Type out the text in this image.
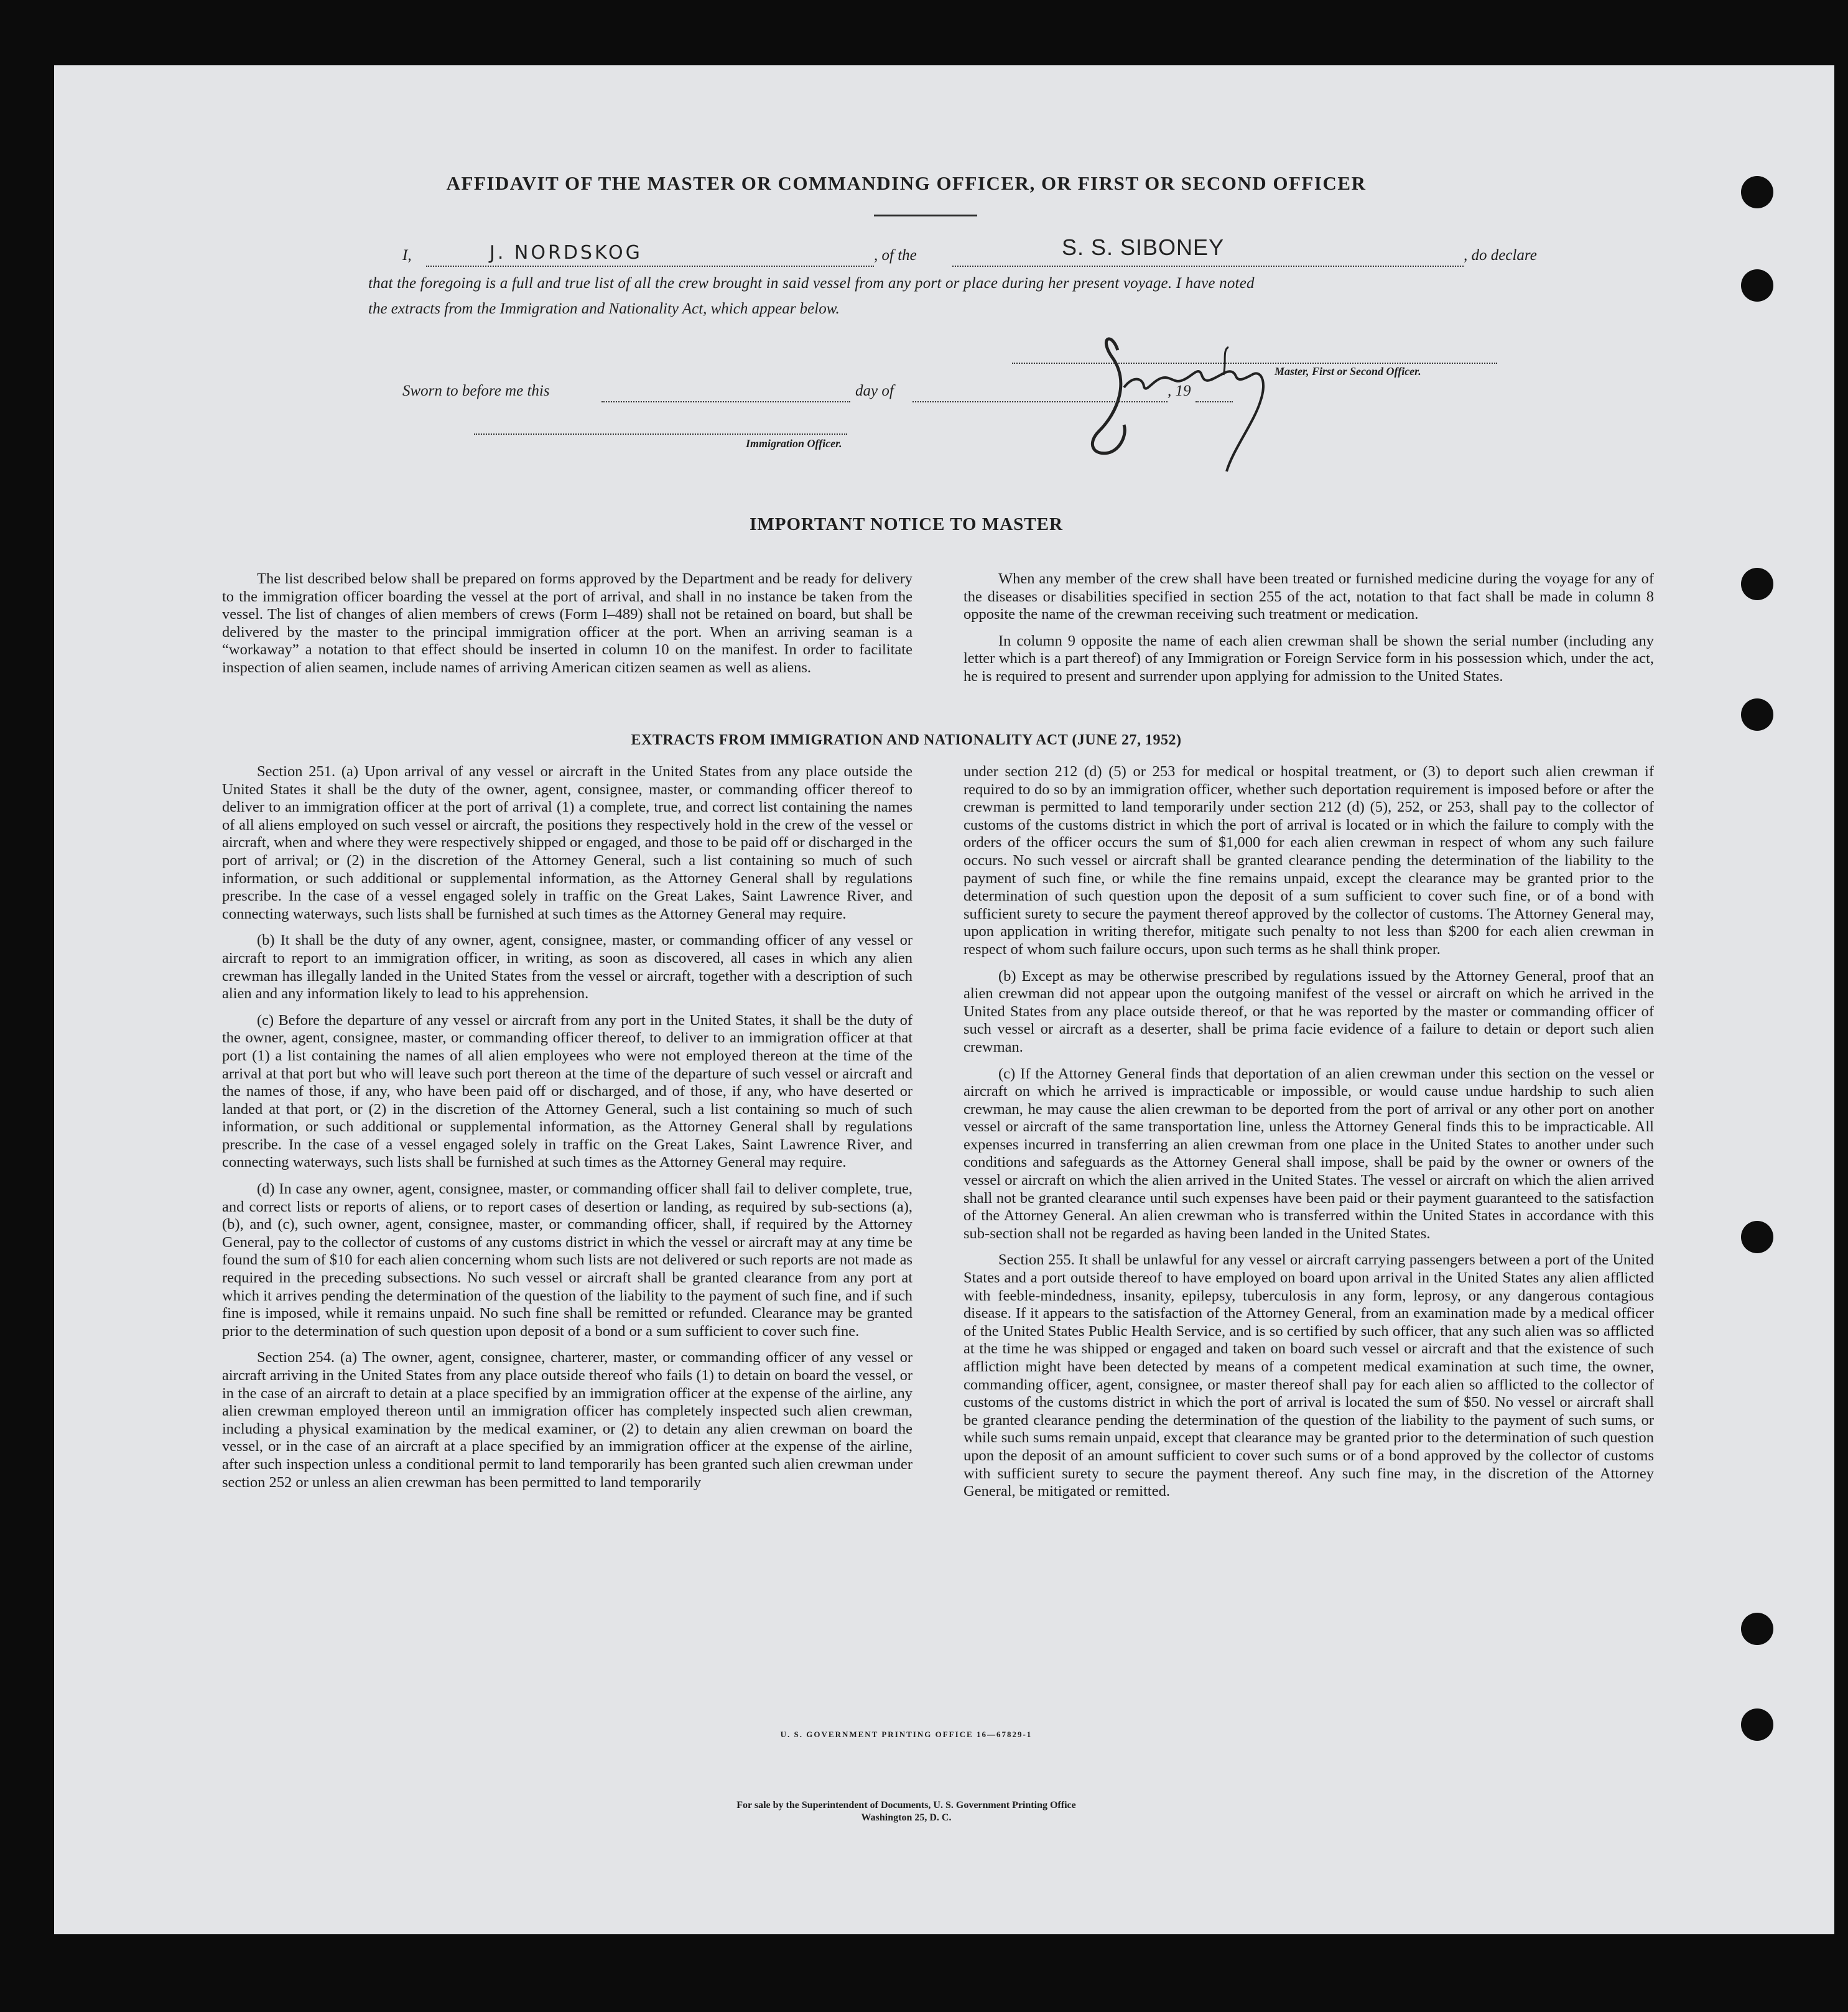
AFFIDAVIT OF THE MASTER OR COMMANDING OFFICER, OR FIRST OR SECOND OFFICER
I,	J. NORDSKOG	, of the	S. S. SIBONEY	, do declare
that the foregoing is a full and true list of all the crew brought in said vessel from any port or place during her present voyage. I have noted
the extracts from the Immigration and Nationality Act, which appear below.
Master, First or Second Officer.
Sworn to before me this	day of	, 19
Immigration Officer.
IMPORTANT NOTICE TO MASTER

The list described below shall be prepared on forms approved by the Department and be ready for delivery to the immigration officer boarding the vessel at the port of arrival, and shall in no instance be taken from the vessel. The list of changes of alien members of crews (Form I–489) shall not be retained on board, but shall be delivered by the master to the principal immigration officer at the port. When an arriving seaman is a “workaway” a notation to that effect should be inserted in column 10 on the manifest. In order to facilitate inspection of alien seamen, include names of arriving American citizen seamen as well as aliens.

When any member of the crew shall have been treated or furnished medicine during the voyage for any of the diseases or disabilities specified in section 255 of the act, notation to that fact shall be made in column 8 opposite the name of the crewman receiving such treatment or medication.

In column 9 opposite the name of each alien crewman shall be shown the serial number (including any letter which is a part thereof) of any Immigration or Foreign Service form in his possession which, under the act, he is required to present and surrender upon applying for admission to the United States.

EXTRACTS FROM IMMIGRATION AND NATIONALITY ACT (JUNE 27, 1952)

Section 251. (a) Upon arrival of any vessel or aircraft in the United States from any place outside the United States it shall be the duty of the owner, agent, consignee, master, or commanding officer thereof to deliver to an immigration officer at the port of arrival (1) a complete, true, and correct list containing the names of all aliens employed on such vessel or aircraft, the positions they respectively hold in the crew of the vessel or aircraft, when and where they were respectively shipped or engaged, and those to be paid off or discharged in the port of arrival; or (2) in the discretion of the Attorney General, such a list containing so much of such information, or such additional or supplemental information, as the Attorney General shall by regulations prescribe. In the case of a vessel engaged solely in traffic on the Great Lakes, Saint Lawrence River, and connecting waterways, such lists shall be furnished at such times as the Attorney General may require.

(b) It shall be the duty of any owner, agent, consignee, master, or commanding officer of any vessel or aircraft to report to an immigration officer, in writing, as soon as discovered, all cases in which any alien crewman has illegally landed in the United States from the vessel or aircraft, together with a description of such alien and any information likely to lead to his apprehension.

(c) Before the departure of any vessel or aircraft from any port in the United States, it shall be the duty of the owner, agent, consignee, master, or commanding officer thereof, to deliver to an immigration officer at that port (1) a list containing the names of all alien employees who were not employed thereon at the time of the arrival at that port but who will leave such port thereon at the time of the departure of such vessel or aircraft and the names of those, if any, who have been paid off or discharged, and of those, if any, who have deserted or landed at that port, or (2) in the discretion of the Attorney General, such a list containing so much of such information, or such additional or supplemental information, as the Attorney General shall by regulations prescribe. In the case of a vessel engaged solely in traffic on the Great Lakes, Saint Lawrence River, and connecting waterways, such lists shall be furnished at such times as the Attorney General may require.

(d) In case any owner, agent, consignee, master, or commanding officer shall fail to deliver complete, true, and correct lists or reports of aliens, or to report cases of desertion or landing, as required by sub-sections (a), (b), and (c), such owner, agent, consignee, master, or commanding officer, shall, if required by the Attorney General, pay to the collector of customs of any customs district in which the vessel or aircraft may at any time be found the sum of $10 for each alien concerning whom such lists are not delivered or such reports are not made as required in the preceding subsections. No such vessel or aircraft shall be granted clearance from any port at which it arrives pending the determination of the question of the liability to the payment of such fine, and if such fine is imposed, while it remains unpaid. No such fine shall be remitted or refunded. Clearance may be granted prior to the determination of such question upon deposit of a bond or a sum sufficient to cover such fine.

Section 254. (a) The owner, agent, consignee, charterer, master, or commanding officer of any vessel or aircraft arriving in the United States from any place outside thereof who fails (1) to detain on board the vessel, or in the case of an aircraft to detain at a place specified by an immigration officer at the expense of the airline, any alien crewman employed thereon until an immigration officer has completely inspected such alien crewman, including a physical examination by the medical examiner, or (2) to detain any alien crewman on board the vessel, or in the case of an aircraft at a place specified by an immigration officer at the expense of the airline, after such inspection unless a conditional permit to land temporarily has been granted such alien crewman under section 252 or unless an alien crewman has been permitted to land temporarily

under section 212 (d) (5) or 253 for medical or hospital treatment, or (3) to deport such alien crewman if required to do so by an immigration officer, whether such deportation requirement is imposed before or after the crewman is permitted to land temporarily under section 212 (d) (5), 252, or 253, shall pay to the collector of customs of the customs district in which the port of arrival is located or in which the failure to comply with the orders of the officer occurs the sum of $1,000 for each alien crewman in respect of whom any such failure occurs. No such vessel or aircraft shall be granted clearance pending the determination of the liability to the payment of such fine, or while the fine remains unpaid, except the clearance may be granted prior to the determination of such question upon the deposit of a sum sufficient to cover such fine, or of a bond with sufficient surety to secure the payment thereof approved by the collector of customs. The Attorney General may, upon application in writing therefor, mitigate such penalty to not less than $200 for each alien crewman in respect of whom such failure occurs, upon such terms as he shall think proper.

(b) Except as may be otherwise prescribed by regulations issued by the Attorney General, proof that an alien crewman did not appear upon the outgoing manifest of the vessel or aircraft on which he arrived in the United States from any place outside thereof, or that he was reported by the master or commanding officer of such vessel or aircraft as a deserter, shall be prima facie evidence of a failure to detain or deport such alien crewman.

(c) If the Attorney General finds that deportation of an alien crewman under this section on the vessel or aircraft on which he arrived is impracticable or impossible, or would cause undue hardship to such alien crewman, he may cause the alien crewman to be deported from the port of arrival or any other port on another vessel or aircraft of the same transportation line, unless the Attorney General finds this to be impracticable. All expenses incurred in transferring an alien crewman from one place in the United States to another under such conditions and safeguards as the Attorney General shall impose, shall be paid by the owner or owners of the vessel or aircraft on which the alien arrived in the United States. The vessel or aircraft on which the alien arrived shall not be granted clearance until such expenses have been paid or their payment guaranteed to the satisfaction of the Attorney General. An alien crewman who is transferred within the United States in accordance with this sub-section shall not be regarded as having been landed in the United States.

Section 255. It shall be unlawful for any vessel or aircraft carrying passengers between a port of the United States and a port outside thereof to have employed on board upon arrival in the United States any alien afflicted with feeble-mindedness, insanity, epilepsy, tuberculosis in any form, leprosy, or any dangerous contagious disease. If it appears to the satisfaction of the Attorney General, from an examination made by a medical officer of the United States Public Health Service, and is so certified by such officer, that any such alien was so afflicted at the time he was shipped or engaged and taken on board such vessel or aircraft and that the existence of such affliction might have been detected by means of a competent medical examination at such time, the owner, commanding officer, agent, consignee, or master thereof shall pay for each alien so afflicted to the collector of customs of the customs district in which the port of arrival is located the sum of $50. No vessel or aircraft shall be granted clearance pending the determination of the question of the liability to the payment of such sums, or while such sums remain unpaid, except that clearance may be granted prior to the determination of such question upon the deposit of an amount sufficient to cover such sums or of a bond approved by the collector of customs with sufficient surety to secure the payment thereof. Any such fine may, in the discretion of the Attorney General, be mitigated or remitted.

U. S. GOVERNMENT PRINTING OFFICE 16—67829-1
For sale by the Superintendent of Documents, U. S. Government Printing Office
Washington 25, D. C.
